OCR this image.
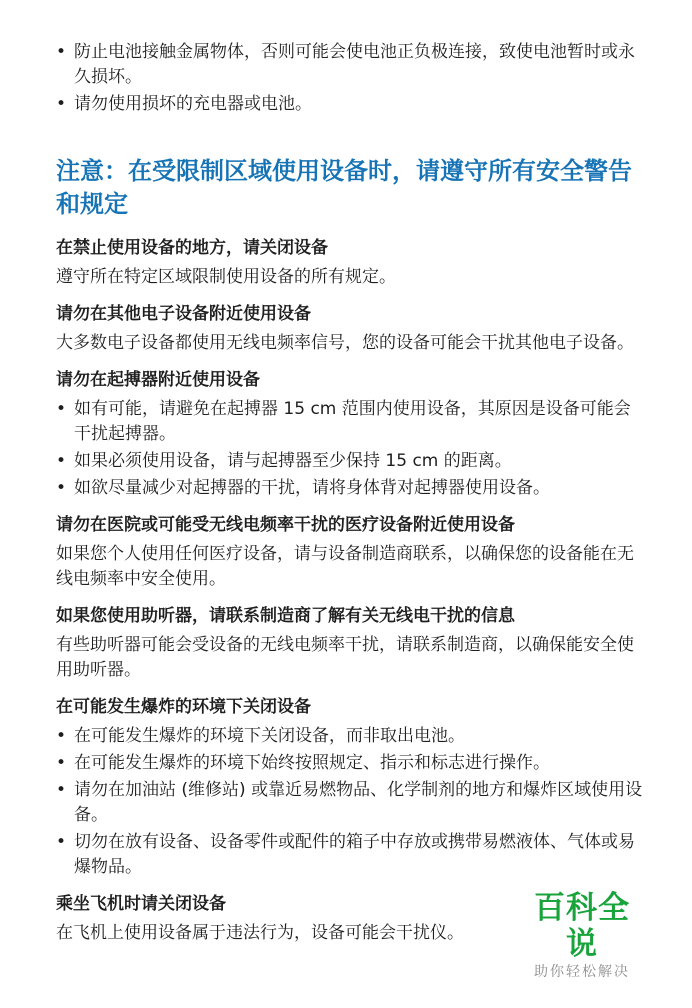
• 防止电池接触金属物体，否则可能会使电池正负极连接，致使电池暂时或永久损坏。
• 请勿使用损坏的充电器或电池。
注意：在受限制区域使用设备时，请遵守所有安全警告和规定
在禁止使用设备的地方，请关闭设备
遵守所在特定区域限制使用设备的所有规定。
请勿在其他电子设备附近使用设备
大多数电子设备都使用无线电频率信号，您的设备可能会干扰其他电子设备。
请勿在起搏器附近使用设备
• 如有可能，请避免在起搏器 15 cm 范围内使用设备，其原因是设备可能会干扰起搏器。
• 如果必须使用设备，请与起搏器至少保持 15 cm 的距离。
• 如欲尽量减少对起搏器的干扰，请将身体背对起搏器使用设备。
请勿在医院或可能受无线电频率干扰的医疗设备附近使用设备
如果您个人使用任何医疗设备，请与设备制造商联系，以确保您的设备能在无线电频率中安全使用。
如果您使用助听器，请联系制造商了解有关无线电干扰的信息
有些助听器可能会受设备的无线电频率干扰，请联系制造商，以确保能安全使用助听器。
在可能发生爆炸的环境下关闭设备
• 在可能发生爆炸的环境下关闭设备，而非取出电池。
• 在可能发生爆炸的环境下始终按照规定、指示和标志进行操作。
• 请勿在加油站 (维修站) 或靠近易燃物品、化学制剂的地方和爆炸区域使用设备。
• 切勿在放有设备、设备零件或配件的箱子中存放或携带易燃液体、气体或易爆物品。
乘坐飞机时请关闭设备
在飞机上使用设备属于违法行为，设备可能会干扰仪。
百科全说
助你轻松解决
